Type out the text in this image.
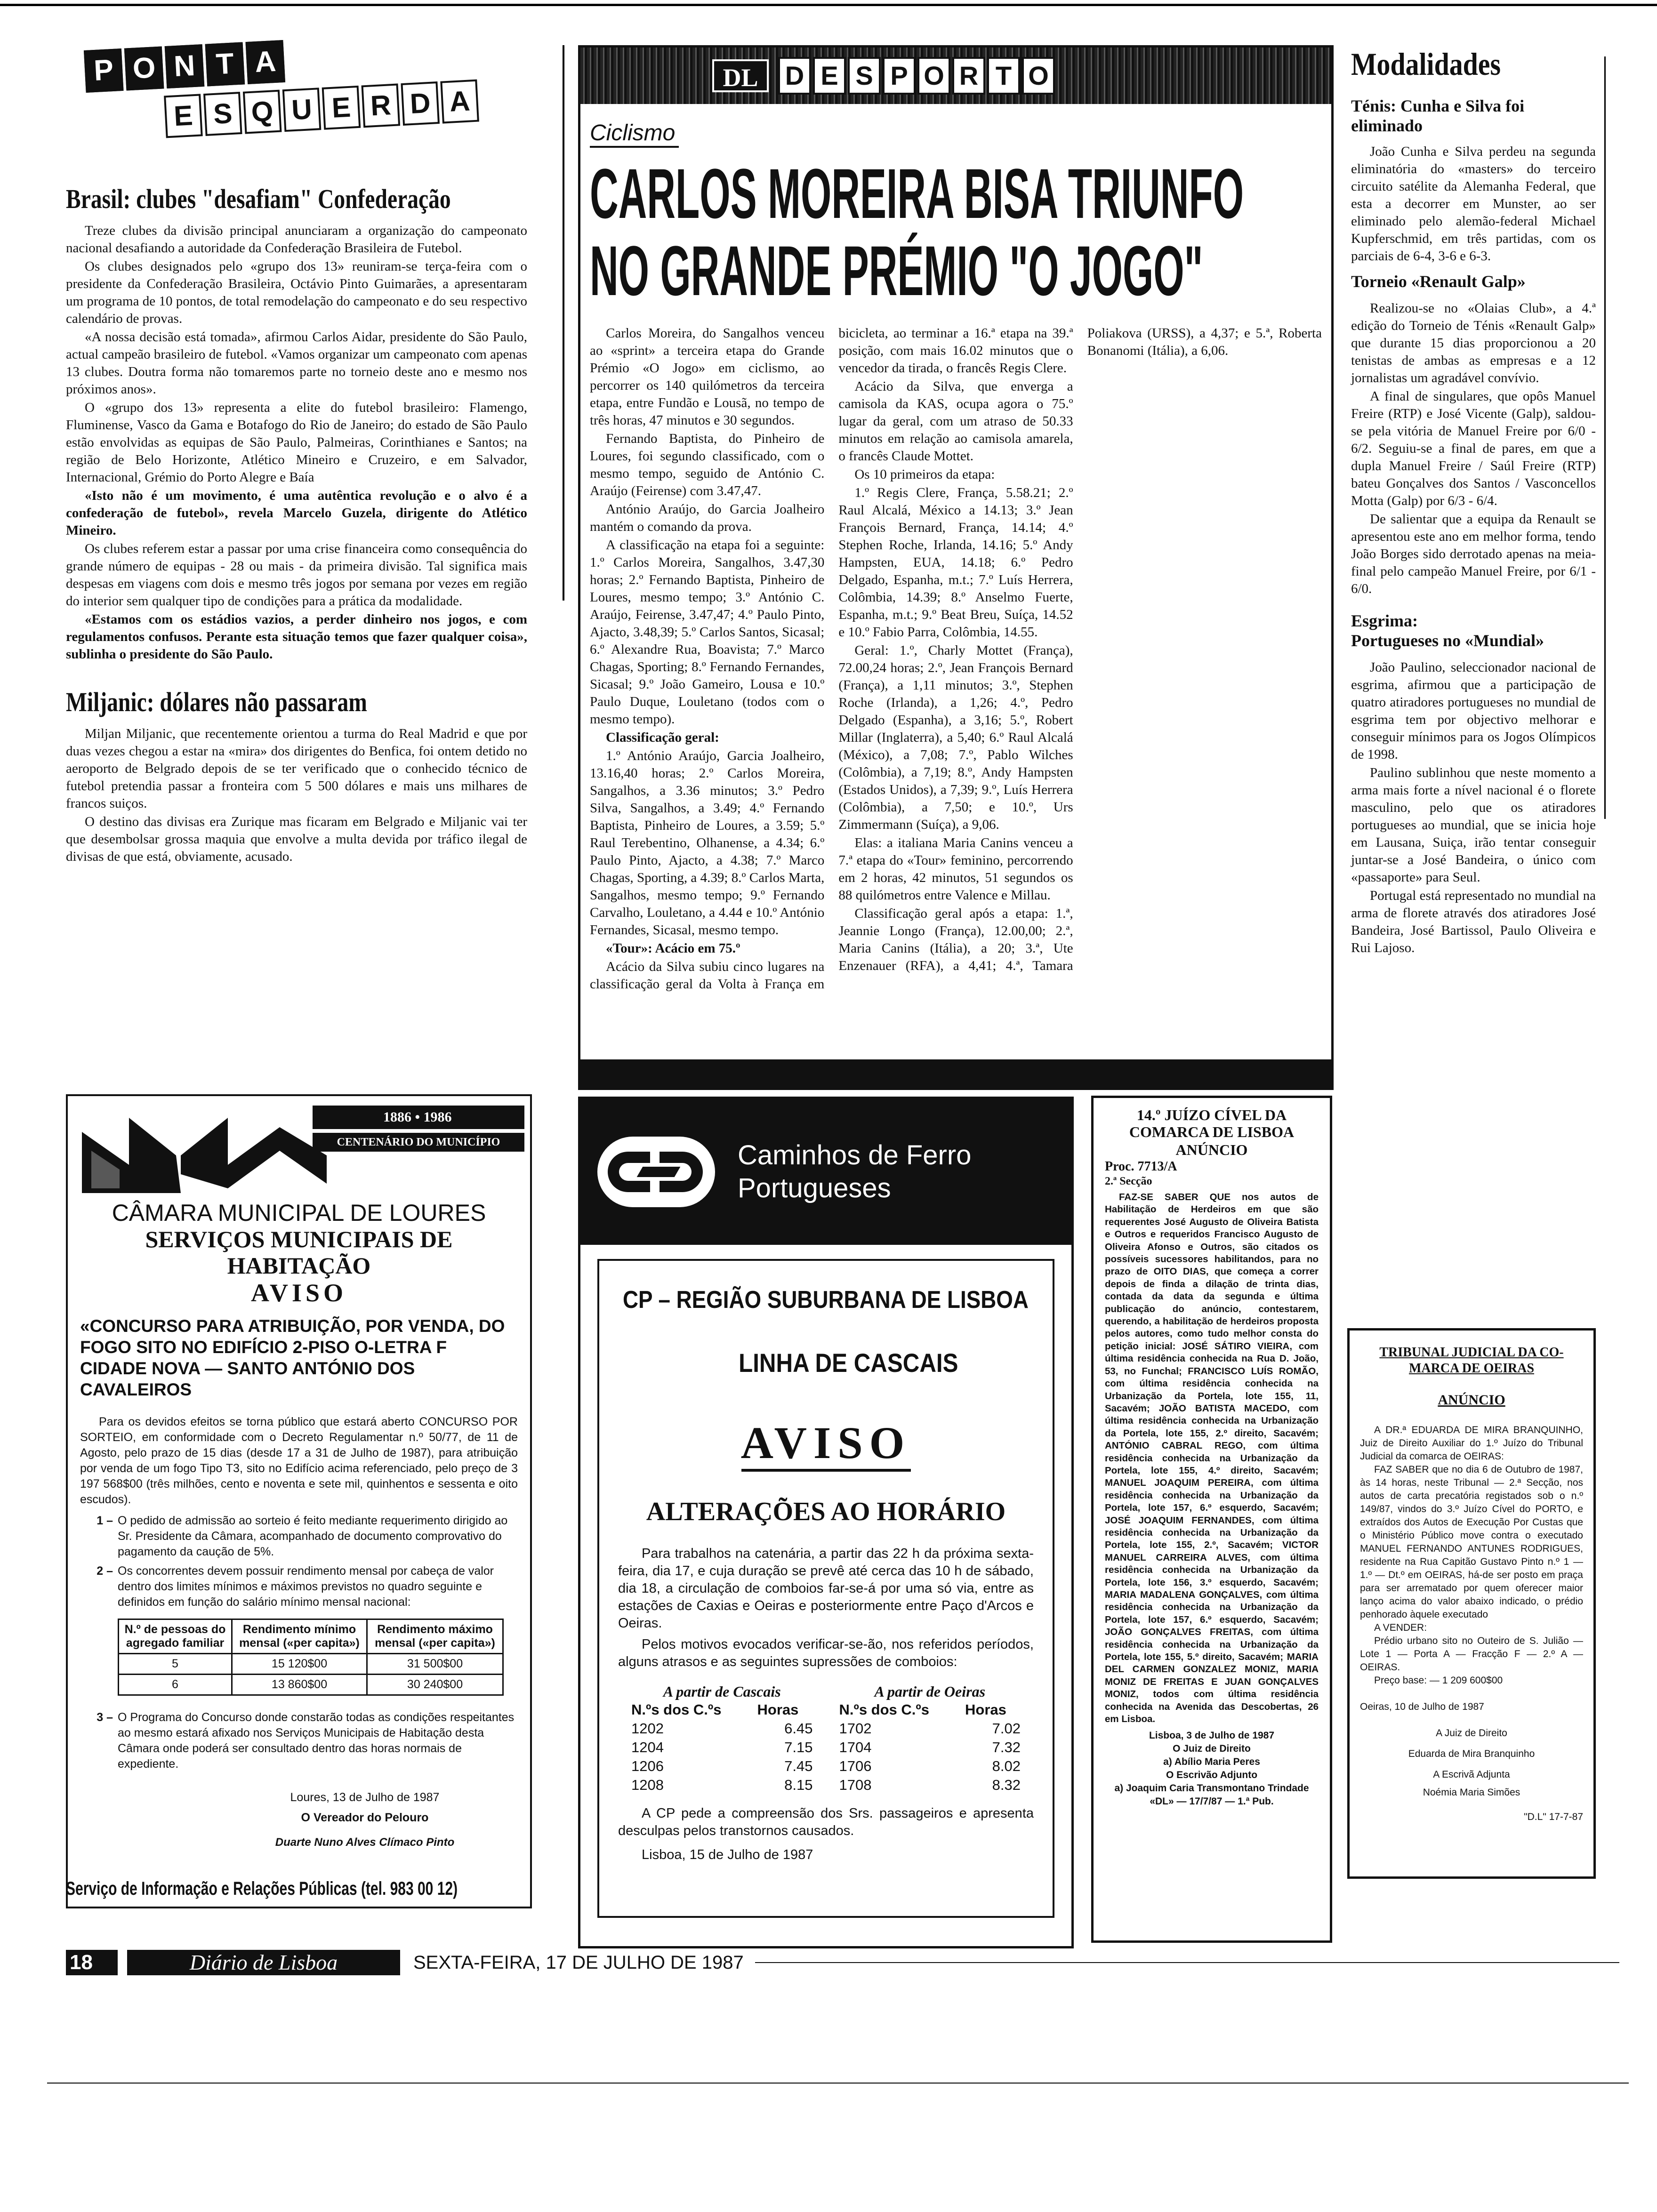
P O N T A
E S Q U E R D A
Brasil: clubes "desafiam" Confederação

Treze clubes da divisão principal anunciaram a organização do campeonato nacional desafiando a autoridade da Confederação Brasileira de Futebol.

Os clubes designados pelo «grupo dos 13» reuniram-se terça-feira com o presidente da Confederação Brasileira, Octávio Pinto Guimarães, a apresentaram um programa de 10 pontos, de total remodelação do campeonato e do seu respectivo calendário de provas.

«A nossa decisão está tomada», afirmou Carlos Aidar, presidente do São Paulo, actual campeão brasileiro de futebol. «Vamos organizar um campeonato com apenas 13 clubes. Doutra forma não tomaremos parte no torneio deste ano e mesmo nos próximos anos».

O «grupo dos 13» representa a elite do futebol brasileiro: Flamengo, Fluminense, Vasco da Gama e Botafogo do Rio de Janeiro; do estado de São Paulo estão envolvidas as equipas de São Paulo, Palmeiras, Corinthianes e Santos; na região de Belo Horizonte, Atlético Mineiro e Cruzeiro, e em Salvador, Internacional, Grémio do Porto Alegre e Baía

«Isto não é um movimento, é uma autêntica revolução e o alvo é a confederação de futebol», revela Marcelo Guzela, dirigente do Atlético Mineiro.

Os clubes referem estar a passar por uma crise financeira como consequência do grande número de equipas - 28 ou mais - da primeira divisão. Tal significa mais despesas em viagens com dois e mesmo três jogos por semana por vezes em região do interior sem qualquer tipo de condições para a prática da modalidade.

«Estamos com os estádios vazios, a perder dinheiro nos jogos, e com regulamentos confusos. Perante esta situação temos que fazer qualquer coisa», sublinha o presidente do São Paulo.

Miljanic: dólares não passaram

Miljan Miljanic, que recentemente orientou a turma do Real Madrid e que por duas vezes chegou a estar na «mira» dos dirigentes do Benfica, foi ontem detido no aeroporto de Belgrado depois de se ter verificado que o conhecido técnico de futebol pretendia passar a fronteira com 5 500 dólares e mais uns milhares de francos suiços.

O destino das divisas era Zurique mas ficaram em Belgrado e Miljanic vai ter que desembolsar grossa maquia que envolve a multa devida por tráfico ilegal de divisas de que está, obviamente, acusado.

DL	D E S P O R T O
Ciclismo
CARLOS MOREIRA BISA TRIUNFO
NO GRANDE PRÉMIO "O JOGO"

Carlos Moreira, do Sangalhos venceu ao «sprint» a terceira etapa do Grande Prémio «O Jogo» em ciclismo, ao percorrer os 140 quilómetros da terceira etapa, entre Fundão e Lousã, no tempo de três horas, 47 minutos e 30 segundos.

Fernando Baptista, do Pinheiro de Loures, foi segundo classificado, com o mesmo tempo, seguido de António C. Araújo (Feirense) com 3.47,47.

António Araújo, do Garcia Joalheiro mantém o comando da prova.

A classificação na etapa foi a seguinte: 1.º Carlos Moreira, Sangalhos, 3.47,30 horas; 2.º Fernando Baptista, Pinheiro de Loures, mesmo tempo; 3.º António C. Araújo, Feirense, 3.47,47; 4.º Paulo Pinto, Ajacto, 3.48,39; 5.º Carlos Santos, Sicasal; 6.º Alexandre Rua, Boavista; 7.º Marco Chagas, Sporting; 8.º Fernando Fernandes, Sicasal; 9.º João Gameiro, Lousa e 10.º Paulo Duque, Louletano (todos com o mesmo tempo).

Classificação geral:

1.º António Araújo, Garcia Joalheiro, 13.16,40 horas; 2.º Carlos Moreira, Sangalhos, a 3.36 minutos; 3.º Pedro Silva, Sangalhos, a 3.49; 4.º Fernando Baptista, Pinheiro de Loures, a 3.59; 5.º Raul Terebentino, Olhanense, a 4.34; 6.º Paulo Pinto, Ajacto, a 4.38; 7.º Marco Chagas, Sporting, a 4.39; 8.º Carlos Marta, Sangalhos, mesmo tempo; 9.º Fernando Carvalho, Louletano, a 4.44 e 10.º António Fernandes, Sicasal, mesmo tempo.

«Tour»: Acácio em 75.º

Acácio da Silva subiu cinco lugares na classificação geral da Volta à França em bicicleta, ao terminar a 16.ª etapa na 39.ª posição, com mais 16.02 minutos que o vencedor da tirada, o francês Regis Clere.

Acácio da Silva, que enverga a camisola da KAS, ocupa agora o 75.º lugar da geral, com um atraso de 50.33 minutos em relação ao camisola amarela, o francês Claude Mottet.

Os 10 primeiros da etapa:

1.º Regis Clere, França, 5.58.21; 2.º Raul Alcalá, México a 14.13; 3.º Jean François Bernard, França, 14.14; 4.º Stephen Roche, Irlanda, 14.16; 5.º Andy Hampsten, EUA, 14.18; 6.º Pedro Delgado, Espanha, m.t.; 7.º Luís Herrera, Colômbia, 14.39; 8.º Anselmo Fuerte, Espanha, m.t.; 9.º Beat Breu, Suíça, 14.52 e 10.º Fabio Parra, Colômbia, 14.55.

Geral: 1.º, Charly Mottet (França), 72.00,24 horas; 2.º, Jean François Bernard (França), a 1,11 minutos; 3.º, Stephen Roche (Irlanda), a 1,26; 4.º, Pedro Delgado (Espanha), a 3,16; 5.º, Robert Millar (Inglaterra), a 5,40; 6.º Raul Alcalá (México), a 7,08; 7.º, Pablo Wilches (Colômbia), a 7,19; 8.º, Andy Hampsten (Estados Unidos), a 7,39; 9.º, Luís Herrera (Colômbia), a 7,50; e 10.º, Urs Zimmermann (Suíça), a 9,06.

Elas: a italiana Maria Canins venceu a 7.ª etapa do «Tour» feminino, percorrendo em 2 horas, 42 minutos, 51 segundos os 88 quilómetros entre Valence e Millau.

Classificação geral após a etapa: 1.ª, Jeannie Longo (França), 12.00,00; 2.ª, Maria Canins (Itália), a 20; 3.ª, Ute Enzenauer (RFA), a 4,41; 4.ª, Tamara Poliakova (URSS), a 4,37; e 5.ª, Roberta Bonanomi (Itália), a 6,06.

Modalidades
Ténis: Cunha e Silva foi eliminado
João Cunha e Silva perdeu na segunda eliminatória do «masters» do terceiro circuito satélite da Alemanha Federal, que esta a decorrer em Munster, ao ser eliminado pelo alemão-federal Michael Kupferschmid, em três partidas, com os parciais de 6-4, 3-6 e 6-3.
Torneio «Renault Galp»

Realizou-se no «Olaias Club», a 4.ª edição do Torneio de Ténis «Renault Galp» que durante 15 dias proporcionou a 20 tenistas de ambas as empresas e a 12 jornalistas um agradável convívio.

A final de singulares, que opôs Manuel Freire (RTP) e José Vicente (Galp), saldou-se pela vitória de Manuel Freire por 6/0 - 6/2. Seguiu-se a final de pares, em que a dupla Manuel Freire / Saúl Freire (RTP) bateu Gonçalves dos Santos / Vasconcellos Motta (Galp) por 6/3 - 6/4.

De salientar que a equipa da Renault se apresentou este ano em melhor forma, tendo João Borges sido derrotado apenas na meia-final pelo campeão Manuel Freire, por 6/1 - 6/0.

Esgrima:
Portugueses no «Mundial»

João Paulino, seleccionador nacional de esgrima, afirmou que a participação de quatro atiradores portugueses no mundial de esgrima tem por objectivo melhorar e conseguir mínimos para os Jogos Olímpicos de 1998.

Paulino sublinhou que neste momento a arma mais forte a nível nacional é o florete masculino, pelo que os atiradores portugueses ao mundial, que se inicia hoje em Lausana, Suiça, irão tentar conseguir juntar-se a José Bandeira, o único com «passaporte» para Seul.

Portugal está representado no mundial na arma de florete através dos atiradores José Bandeira, José Bartissol, Paulo Oliveira e Rui Lajoso.

1886 • 1986
CENTENÁRIO DO MUNICÍPIO
CÂMARA MUNICIPAL DE LOURES
SERVIÇOS MUNICIPAIS DE HABITAÇÃO
AVISO
«CONCURSO PARA ATRIBUIÇÃO, POR VENDA, DO FOGO SITO NO EDIFÍCIO 2-PISO O-LETRA F CIDADE NOVA — SANTO ANTÓNIO DOS CAVALEIROS
Para os devidos efeitos se torna público que estará aberto CONCURSO POR SORTEIO, em conformidade com o Decreto Regulamentar n.º 50/77, de 11 de Agosto, pelo prazo de 15 dias (desde 17 a 31 de Julho de 1987), para atribuição por venda de um fogo Tipo T3, sito no Edifício acima referenciado, pelo preço de 3 197 568$00 (três milhões, cento e noventa e sete mil, quinhentos e sessenta e oito escudos).
1 – O pedido de admissão ao sorteio é feito mediante requerimento dirigido ao Sr. Presidente da Câmara, acompanhado de documento comprovativo do pagamento da caução de 5%.
2 – Os concorrentes devem possuir rendimento mensal por cabeça de valor dentro dos limites mínimos e máximos previstos no quadro seguinte e definidos em função do salário mínimo mensal nacional:
N.º de pessoas do agregado familiar	Rendimento mínimo mensal («per capita»)	Rendimento máximo mensal («per capita»)
5	15 120$00	31 500$00
6	13 860$00	30 240$00
3 – O Programa do Concurso donde constarão todas as condições respeitantes ao mesmo estará afixado nos Serviços Municipais de Habitação desta Câmara onde poderá ser consultado dentro das horas normais de expediente.
Loures, 13 de Julho de 1987
O Vereador do Pelouro
Duarte Nuno Alves Clímaco Pinto
Serviço de Informação e Relações Públicas (tel. 983 00 12)
Caminhos de Ferro
Portugueses
CP – REGIÃO SUBURBANA DE LISBOA
LINHA DE CASCAIS
AVISO
ALTERAÇÕES AO HORÁRIO
Para trabalhos na catenária, a partir das 22 h da próxima sexta-feira, dia 17, e cuja duração se prevê até cerca das 10 h de sábado, dia 18, a circulação de comboios far-se-á por uma só via, entre as estações de Caxias e Oeiras e posteriormente entre Paço d'Arcos e Oeiras.
Pelos motivos evocados verificar-se-ão, nos referidos períodos, alguns atrasos e as seguintes supressões de comboios:
A partir de Cascais
N.ºs dos C.ºs	Horas
1202	6.45
1204	7.15
1206	7.45
1208	8.15
A partir de Oeiras
N.ºs dos C.ºs	Horas
1702	7.02
1704	7.32
1706	8.02
1708	8.32
A CP pede a compreensão dos Srs. passageiros e apresenta desculpas pelos transtornos causados.
Lisboa, 15 de Julho de 1987
14.º JUÍZO CÍVEL DA
COMARCA DE LISBOA
ANÚNCIO
Proc. 7713/A
2.ª Secção
FAZ-SE SABER QUE nos autos de Habilitação de Herdeiros em que são requerentes José Augusto de Oliveira Batista e Outros e requeridos Francisco Augusto de Oliveira Afonso e Outros, são citados os possíveis sucessores habilitandos, para no prazo de OITO DIAS, que começa a correr depois de finda a dilação de trinta dias, contada da data da segunda e última publicação do anúncio, contestarem, querendo, a habilitação de herdeiros proposta pelos autores, como tudo melhor consta do petição inicial: JOSÉ SÁTIRO VIEIRA, com última residência conhecida na Rua D. João, 53, no Funchal; FRANCISCO LUÍS ROMÃO, com última residência conhecida na Urbanização da Portela, lote 155, 11, Sacavém; JOÃO BATISTA MACEDO, com última residência conhecida na Urbanização da Portela, lote 155, 2.º direito, Sacavém; ANTÓNIO CABRAL REGO, com última residência conhecida na Urbanização da Portela, lote 155, 4.º direito, Sacavém; MANUEL JOAQUIM PEREIRA, com última residência conhecida na Urbanização da Portela, lote 157, 6.º esquerdo, Sacavém; JOSÉ JOAQUIM FERNANDES, com última residência conhecida na Urbanização da Portela, lote 155, 2.º, Sacavém; VICTOR MANUEL CARREIRA ALVES, com última residência conhecida na Urbanização da Portela, lote 156, 3.º esquerdo, Sacavém; MARIA MADALENA GONÇALVES, com última residência conhecida na Urbanização da Portela, lote 157, 6.º esquerdo, Sacavém; JOÃO GONÇALVES FREITAS, com última residência conhecida na Urbanização da Portela, lote 155, 5.º direito, Sacavém; MARIA DEL CARMEN GONZALEZ MONIZ, MARIA MONIZ DE FREITAS E JUAN GONÇALVES MONIZ, todos com última residência conhecida na Avenida das Descobertas, 26 em Lisboa.
Lisboa, 3 de Julho de 1987
O Juiz de Direito
a) Abílio Maria Peres
O Escrivão Adjunto
a) Joaquim Caria Transmontano Trindade
«DL» — 17/7/87 — 1.ª Pub.
TRIBUNAL JUDICIAL DA CO-
MARCA DE OEIRAS
ANÚNCIO
A DR.ª EDUARDA DE MIRA BRANQUINHO, Juiz de Direito Auxiliar do 1.º Juízo do Tribunal Judicial da comarca de OEIRAS:
FAZ SABER que no dia 6 de Outubro de 1987, às 14 horas, neste Tribunal — 2.ª Secção, nos autos de carta precatória registados sob o n.º 149/87, vindos do 3.º Juízo Cível do PORTO, e extraídos dos Autos de Execução Por Custas que o Ministério Público move contra o executado MANUEL FERNANDO ANTUNES RODRIGUES, residente na Rua Capitão Gustavo Pinto n.º 1 — 1.º — Dt.º em OEIRAS, há-de ser posto em praça para ser arrematado por quem oferecer maior lanço acima do valor abaixo indicado, o prédio penhorado àquele executado
A VENDER:
Prédio urbano sito no Outeiro de S. Julião — Lote 1 — Porta A — Fracção F — 2.º A — OEIRAS.
Preço base: — 1 209 600$00
Oeiras, 10 de Julho de 1987
A Juiz de Direito
Eduarda de Mira Branquinho
A Escrivã Adjunta
Noémia Maria Simões
"D.L" 17-7-87
18	Diário de Lisboa	SEXTA-FEIRA, 17 DE JULHO DE 1987
